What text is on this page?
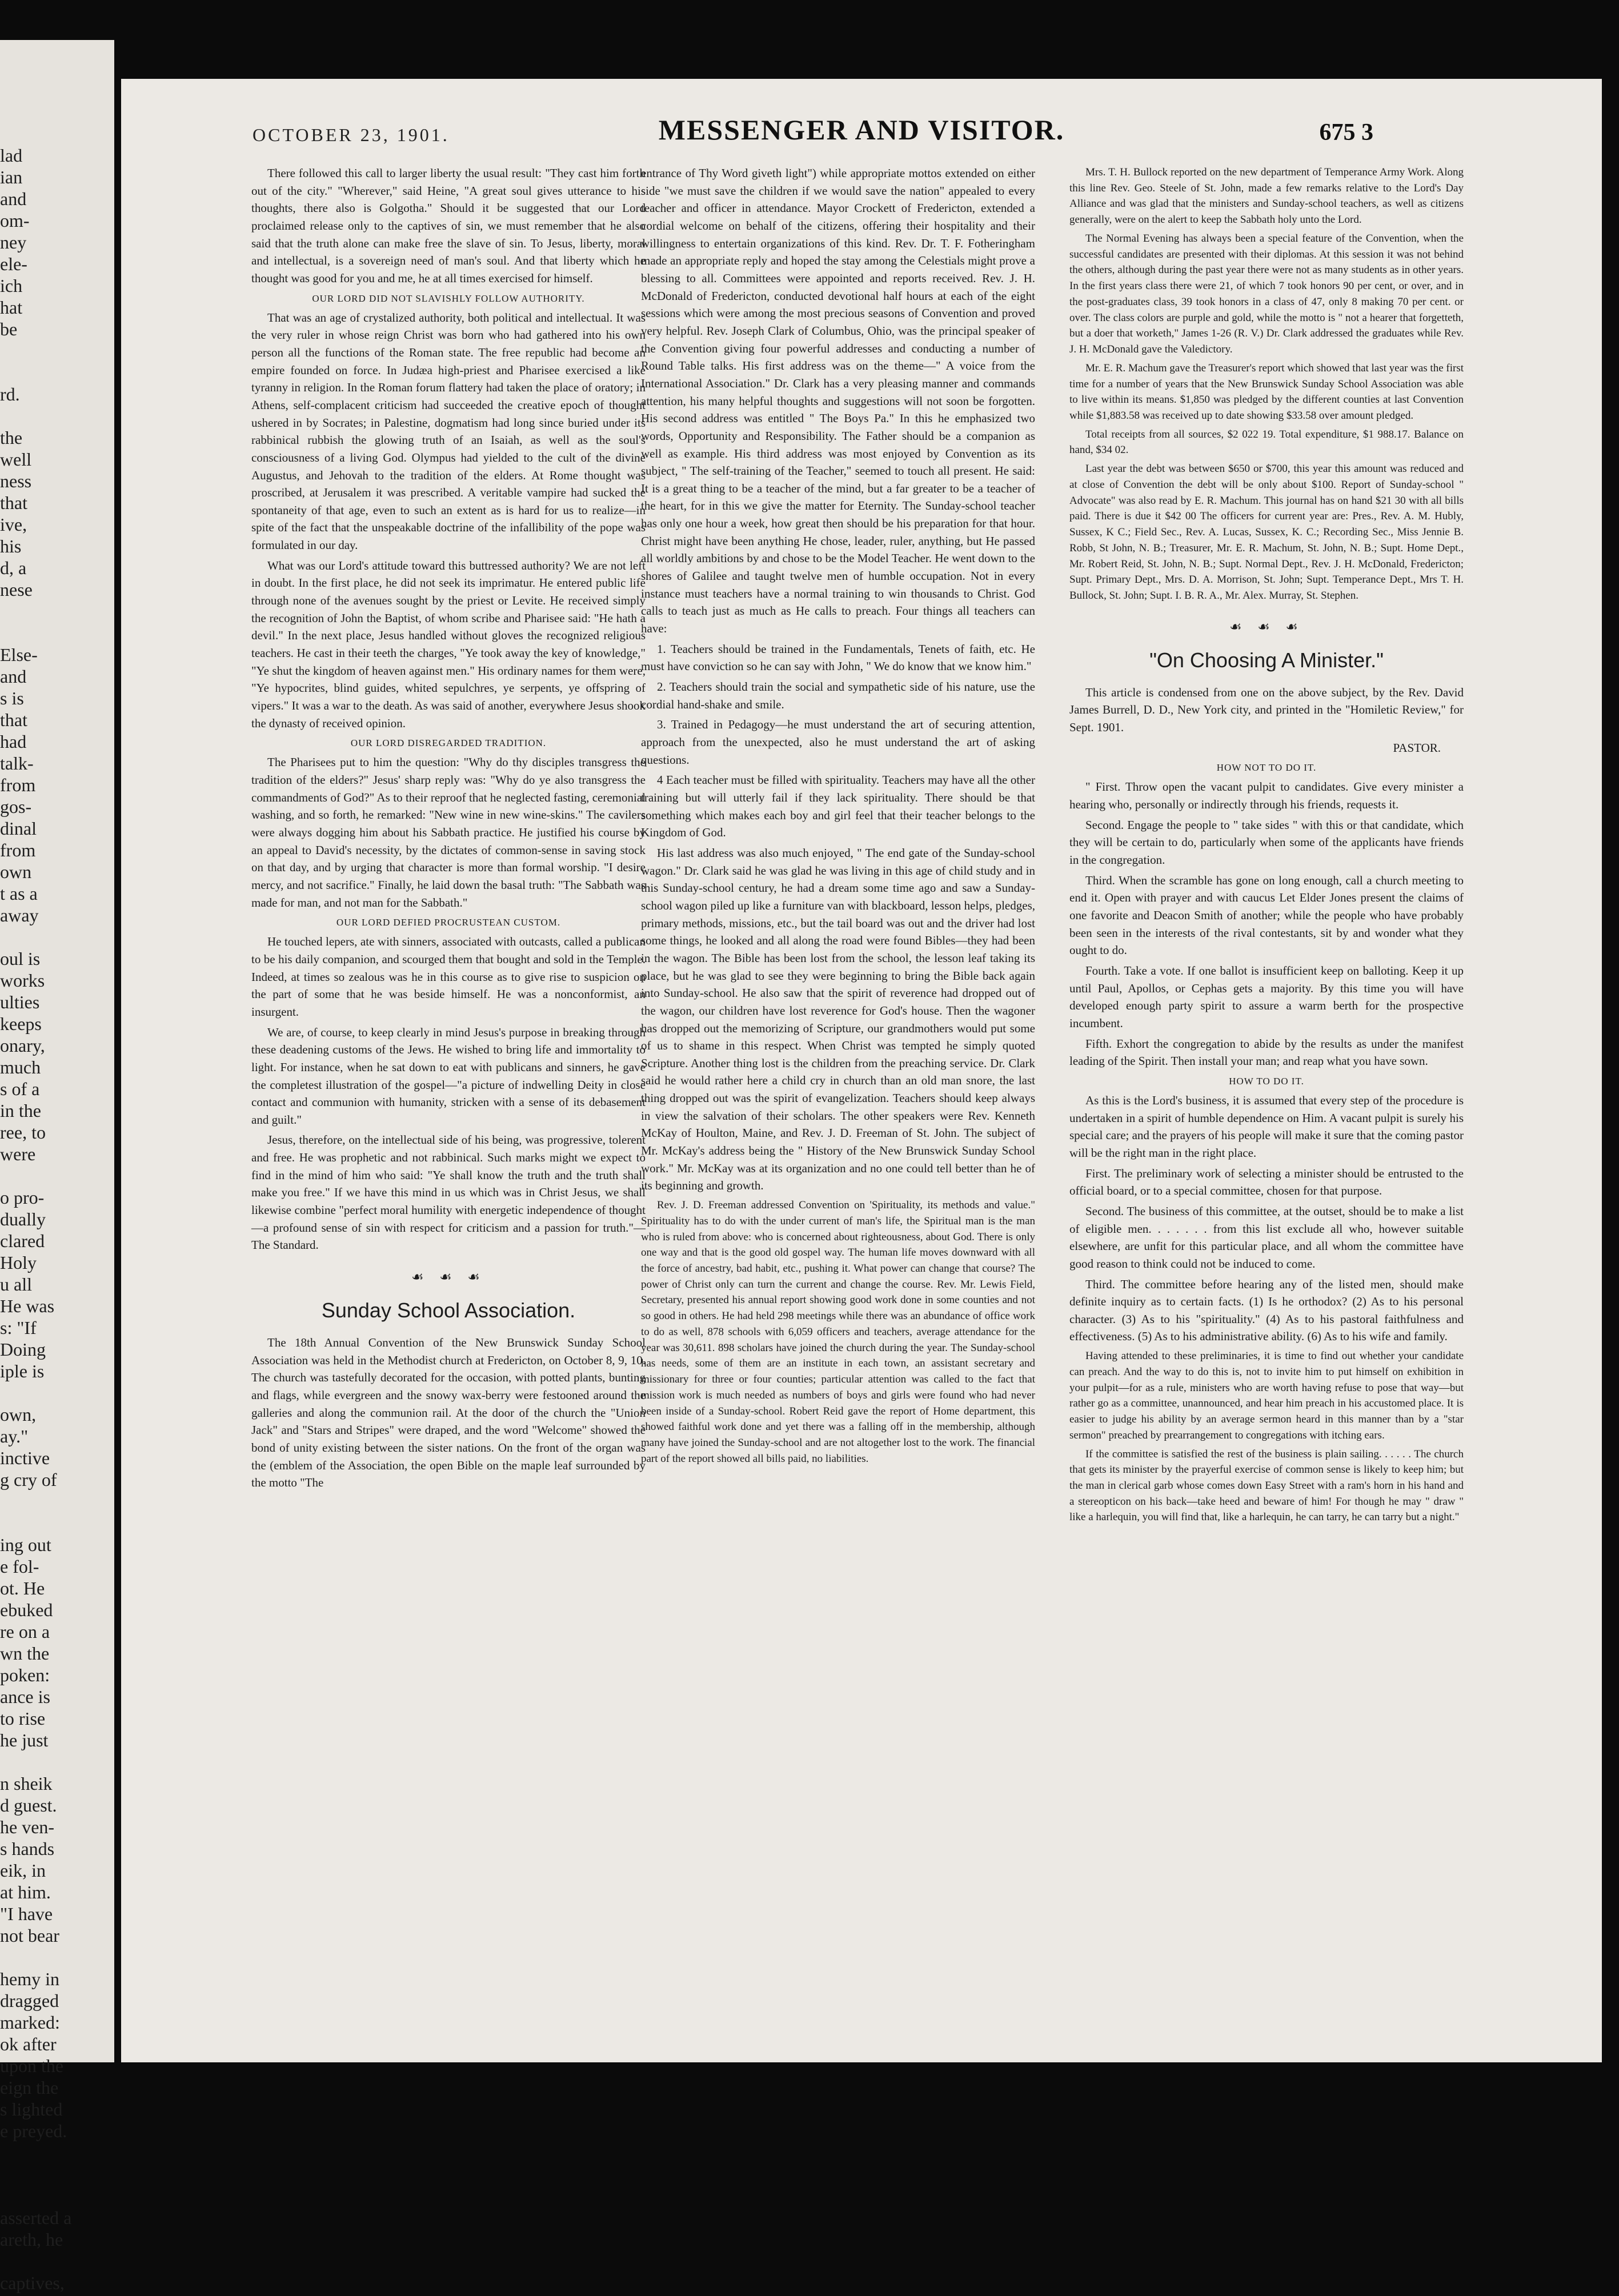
lad
ian
and
om-
ney
ele-
ich
hat
be
rd.
the
well
ness
that
ive,
his
d, a
nese
Else-
and
s is
that
had
talk-
from
gos-
dinal
from
own
t as a
away
oul is
works
ulties
keeps
onary,
much
s of a
in the
ree, to
were
o pro-
dually
clared
Holy
u all
He was
s: "If
Doing
iple is
own,
ay."
inctive
g cry of
ing out
e fol-
ot. He
ebuked
re on a
wn the
poken:
ance is
to rise
he just
n sheik
d guest.
he ven-
s hands
eik, in
at him.
"I have
not bear
hemy in
dragged
marked:
ok after
upon the
eign the
s lighted
e preyed.
asserted a
areth, he
captives,
OCTOBER 23, 1901.	MESSENGER AND VISITOR.	675 3

There followed this call to larger liberty the usual result: "They cast him forth out of the city." "Wherever," said Heine, "A great soul gives utterance to his thoughts, there also is Golgotha." Should it be suggested that our Lord proclaimed release only to the captives of sin, we must remember that he also said that the truth alone can make free the slave of sin. To Jesus, liberty, moral and intellectual, is a sovereign need of man's soul. And that liberty which he thought was good for you and me, he at all times exercised for himself.

OUR LORD DID NOT SLAVISHLY FOLLOW AUTHORITY.

That was an age of crystalized authority, both political and intellectual. It was the very ruler in whose reign Christ was born who had gathered into his own person all the functions of the Roman state. The free republic had become an empire founded on force. In Judæa high-priest and Pharisee exercised a like tyranny in religion. In the Roman forum flattery had taken the place of oratory; in Athens, self-complacent criticism had succeeded the creative epoch of thought ushered in by Socrates; in Palestine, dogmatism had long since buried under its rabbinical rubbish the glowing truth of an Isaiah, as well as the soul's consciousness of a living God. Olympus had yielded to the cult of the divine Augustus, and Jehovah to the tradition of the elders. At Rome thought was proscribed, at Jerusalem it was prescribed. A veritable vampire had sucked the spontaneity of that age, even to such an extent as is hard for us to realize—in spite of the fact that the unspeakable doctrine of the infallibility of the pope was formulated in our day.

What was our Lord's attitude toward this buttressed authority? We are not left in doubt. In the first place, he did not seek its imprimatur. He entered public life through none of the avenues sought by the priest or Levite. He received simply the recognition of John the Baptist, of whom scribe and Pharisee said: "He hath a devil." In the next place, Jesus handled without gloves the recognized religious teachers. He cast in their teeth the charges, "Ye took away the key of knowledge," "Ye shut the kingdom of heaven against men." His ordinary names for them were, "Ye hypocrites, blind guides, whited sepulchres, ye serpents, ye offspring of vipers." It was a war to the death. As was said of another, everywhere Jesus shook the dynasty of received opinion.

OUR LORD DISREGARDED TRADITION.

The Pharisees put to him the question: "Why do thy disciples transgress the tradition of the elders?" Jesus' sharp reply was: "Why do ye also transgress the commandments of God?" As to their reproof that he neglected fasting, ceremonial washing, and so forth, he remarked: "New wine in new wine-skins." The cavilers were always dogging him about his Sabbath practice. He justified his course by an appeal to David's necessity, by the dictates of common-sense in saving stock on that day, and by urging that character is more than formal worship. "I desire mercy, and not sacrifice." Finally, he laid down the basal truth: "The Sabbath was made for man, and not man for the Sabbath."

OUR LORD DEFIED PROCRUSTEAN CUSTOM.

He touched lepers, ate with sinners, associated with outcasts, called a publican to be his daily companion, and scourged them that bought and sold in the Temple. Indeed, at times so zealous was he in this course as to give rise to suspicion on the part of some that he was beside himself. He was a nonconformist, an insurgent.

We are, of course, to keep clearly in mind Jesus's purpose in breaking through these deadening customs of the Jews. He wished to bring life and immortality to light. For instance, when he sat down to eat with publicans and sinners, he gave the completest illustration of the gospel—"a picture of indwelling Deity in close contact and communion with humanity, stricken with a sense of its debasement and guilt."

Jesus, therefore, on the intellectual side of his being, was progressive, tolerent and free. He was prophetic and not rabbinical. Such marks might we expect to find in the mind of him who said: "Ye shall know the truth and the truth shall make you free." If we have this mind in us which was in Christ Jesus, we shall likewise combine "perfect moral humility with energetic independence of thought—a profound sense of sin with respect for criticism and a passion for truth."—The Standard.

☙ ☙ ☙
Sunday School Association.

The 18th Annual Convention of the New Brunswick Sunday School Association was held in the Methodist church at Fredericton, on October 8, 9, 10. The church was tastefully decorated for the occasion, with potted plants, bunting and flags, while evergreen and the snowy wax-berry were festooned around the galleries and along the communion rail. At the door of the church the "Union Jack" and "Stars and Stripes" were draped, and the word "Welcome" showed the bond of unity existing between the sister nations. On the front of the organ was the (emblem of the Association, the open Bible on the maple leaf surrounded by the motto "The

entrance of Thy Word giveth light") while appropriate mottos extended on either side "we must save the children if we would save the nation" appealed to every teacher and officer in attendance. Mayor Crockett of Fredericton, extended a cordial welcome on behalf of the citizens, offering their hospitality and their willingness to entertain organizations of this kind. Rev. Dr. T. F. Fotheringham made an appropriate reply and hoped the stay among the Celestials might prove a blessing to all. Committees were appointed and reports received. Rev. J. H. McDonald of Fredericton, conducted devotional half hours at each of the eight sessions which were among the most precious seasons of Convention and proved very helpful. Rev. Joseph Clark of Columbus, Ohio, was the principal speaker of the Convention giving four powerful addresses and conducting a number of Round Table talks. His first address was on the theme—" A voice from the International Association." Dr. Clark has a very pleasing manner and commands attention, his many helpful thoughts and suggestions will not soon be forgotten. His second address was entitled " The Boys Pa." In this he emphasized two words, Opportunity and Responsibility. The Father should be a companion as well as example. His third address was most enjoyed by Convention as its subject, " The self-training of the Teacher," seemed to touch all present. He said: It is a great thing to be a teacher of the mind, but a far greater to be a teacher of the heart, for in this we give the matter for Eternity. The Sunday-school teacher has only one hour a week, how great then should be his preparation for that hour. Christ might have been anything He chose, leader, ruler, anything, but He passed all worldly ambitions by and chose to be the Model Teacher. He went down to the shores of Galilee and taught twelve men of humble occupation. Not in every instance must teachers have a normal training to win thousands to Christ. God calls to teach just as much as He calls to preach. Four things all teachers can have:

1. Teachers should be trained in the Fundamentals, Tenets of faith, etc. He must have conviction so he can say with John, " We do know that we know him."

2. Teachers should train the social and sympathetic side of his nature, use the cordial hand-shake and smile.

3. Trained in Pedagogy—he must understand the art of securing attention, approach from the unexpected, also he must understand the art of asking questions.

4 Each teacher must be filled with spirituality. Teachers may have all the other training but will utterly fail if they lack spirituality. There should be that something which makes each boy and girl feel that their teacher belongs to the Kingdom of God.

His last address was also much enjoyed, " The end gate of the Sunday-school wagon." Dr. Clark said he was glad he was living in this age of child study and in this Sunday-school century, he had a dream some time ago and saw a Sunday-school wagon piled up like a furniture van with blackboard, lesson helps, pledges, primary methods, missions, etc., but the tail board was out and the driver had lost some things, he looked and all along the road were found Bibles—they had been in the wagon. The Bible has been lost from the school, the lesson leaf taking its place, but he was glad to see they were beginning to bring the Bible back again into Sunday-school. He also saw that the spirit of reverence had dropped out of the wagon, our children have lost reverence for God's house. Then the wagoner has dropped out the memorizing of Scripture, our grandmothers would put some of us to shame in this respect. When Christ was tempted he simply quoted Scripture. Another thing lost is the children from the preaching service. Dr. Clark said he would rather here a child cry in church than an old man snore, the last thing dropped out was the spirit of evangelization. Teachers should keep always in view the salvation of their scholars. The other speakers were Rev. Kenneth McKay of Houlton, Maine, and Rev. J. D. Freeman of St. John. The subject of Mr. McKay's address being the " History of the New Brunswick Sunday School work." Mr. McKay was at its organization and no one could tell better than he of its beginning and growth.

Rev. J. D. Freeman addressed Convention on 'Spirituality, its methods and value." Spirituality has to do with the under current of man's life, the Spiritual man is the man who is ruled from above: who is concerned about righteousness, about God. There is only one way and that is the good old gospel way. The human life moves downward with all the force of ancestry, bad habit, etc., pushing it. What power can change that course? The power of Christ only can turn the current and change the course. Rev. Mr. Lewis Field, Secretary, presented his annual report showing good work done in some counties and not so good in others. He had held 298 meetings while there was an abundance of office work to do as well, 878 schools with 6,059 officers and teachers, average attendance for the year was 30,611. 898 scholars have joined the church during the year. The Sunday-school has needs, some of them are an institute in each town, an assistant secretary and missionary for three or four counties; particular attention was called to the fact that mission work is much needed as numbers of boys and girls were found who had never been inside of a Sunday-school. Robert Reid gave the report of Home department, this showed faithful work done and yet there was a falling off in the membership, although many have joined the Sunday-school and are not altogether lost to the work. The financial part of the report showed all bills paid, no liabilities.

Mrs. T. H. Bullock reported on the new department of Temperance Army Work. Along this line Rev. Geo. Steele of St. John, made a few remarks relative to the Lord's Day Alliance and was glad that the ministers and Sunday-school teachers, as well as citizens generally, were on the alert to keep the Sabbath holy unto the Lord.

The Normal Evening has always been a special feature of the Convention, when the successful candidates are presented with their diplomas. At this session it was not behind the others, although during the past year there were not as many students as in other years. In the first years class there were 21, of which 7 took honors 90 per cent, or over, and in the post-graduates class, 39 took honors in a class of 47, only 8 making 70 per cent. or over. The class colors are purple and gold, while the motto is " not a hearer that forgetteth, but a doer that worketh," James 1-26 (R. V.) Dr. Clark addressed the graduates while Rev. J. H. McDonald gave the Valedictory.

Mr. E. R. Machum gave the Treasurer's report which showed that last year was the first time for a number of years that the New Brunswick Sunday School Association was able to live within its means. $1,850 was pledged by the different counties at last Convention while $1,883.58 was received up to date showing $33.58 over amount pledged.

Total receipts from all sources, $2 022 19. Total expenditure, $1 988.17. Balance on hand, $34 02.

Last year the debt was between $650 or $700, this year this amount was reduced and at close of Convention the debt will be only about $100. Report of Sunday-school " Advocate" was also read by E. R. Machum. This journal has on hand $21 30 with all bills paid. There is due it $42 00 The officers for current year are: Pres., Rev. A. M. Hubly, Sussex, K C.; Field Sec., Rev. A. Lucas, Sussex, K. C.; Recording Sec., Miss Jennie B. Robb, St John, N. B.; Treasurer, Mr. E. R. Machum, St. John, N. B.; Supt. Home Dept., Mr. Robert Reid, St. John, N. B.; Supt. Normal Dept., Rev. J. H. McDonald, Fredericton; Supt. Primary Dept., Mrs. D. A. Morrison, St. John; Supt. Temperance Dept., Mrs T. H. Bullock, St. John; Supt. I. B. R. A., Mr. Alex. Murray, St. Stephen.

☙ ☙ ☙
"On Choosing A Minister."

This article is condensed from one on the above subject, by the Rev. David James Burrell, D. D., New York city, and printed in the "Homiletic Review," for Sept. 1901.

PASTOR.
HOW NOT TO DO IT.

" First. Throw open the vacant pulpit to candidates. Give every minister a hearing who, personally or indirectly through his friends, requests it.

Second. Engage the people to " take sides " with this or that candidate, which they will be certain to do, particularly when some of the applicants have friends in the congregation.

Third. When the scramble has gone on long enough, call a church meeting to end it. Open with prayer and with caucus Let Elder Jones present the claims of one favorite and Deacon Smith of another; while the people who have probably been seen in the interests of the rival contestants, sit by and wonder what they ought to do.

Fourth. Take a vote. If one ballot is insufficient keep on balloting. Keep it up until Paul, Apollos, or Cephas gets a majority. By this time you will have developed enough party spirit to assure a warm berth for the prospective incumbent.

Fifth. Exhort the congregation to abide by the results as under the manifest leading of the Spirit. Then install your man; and reap what you have sown.

HOW TO DO IT.

As this is the Lord's business, it is assumed that every step of the procedure is undertaken in a spirit of humble dependence on Him. A vacant pulpit is surely his special care; and the prayers of his people will make it sure that the coming pastor will be the right man in the right place.

First. The preliminary work of selecting a minister should be entrusted to the official board, or to a special committee, chosen for that purpose.

Second. The business of this committee, at the outset, should be to make a list of eligible men. . . . . . . from this list exclude all who, however suitable elsewhere, are unfit for this particular place, and all whom the committee have good reason to think could not be induced to come.

Third. The committee before hearing any of the listed men, should make definite inquiry as to certain facts. (1) Is he orthodox? (2) As to his personal character. (3) As to his "spirituality." (4) As to his pastoral faithfulness and effectiveness. (5) As to his administrative ability. (6) As to his wife and family.

Having attended to these preliminaries, it is time to find out whether your candidate can preach. And the way to do this is, not to invite him to put himself on exhibition in your pulpit—for as a rule, ministers who are worth having refuse to pose that way—but rather go as a committee, unannounced, and hear him preach in his accustomed place. It is easier to judge his ability by an average sermon heard in this manner than by a "star sermon" preached by prearrangement to congregations with itching ears.

If the committee is satisfied the rest of the business is plain sailing. . . . . . The church that gets its minister by the prayerful exercise of common sense is likely to keep him; but the man in clerical garb whose comes down Easy Street with a ram's horn in his hand and a stereopticon on his back—take heed and beware of him! For though he may " draw " like a harlequin, you will find that, like a harlequin, he can tarry, he can tarry but a night."
